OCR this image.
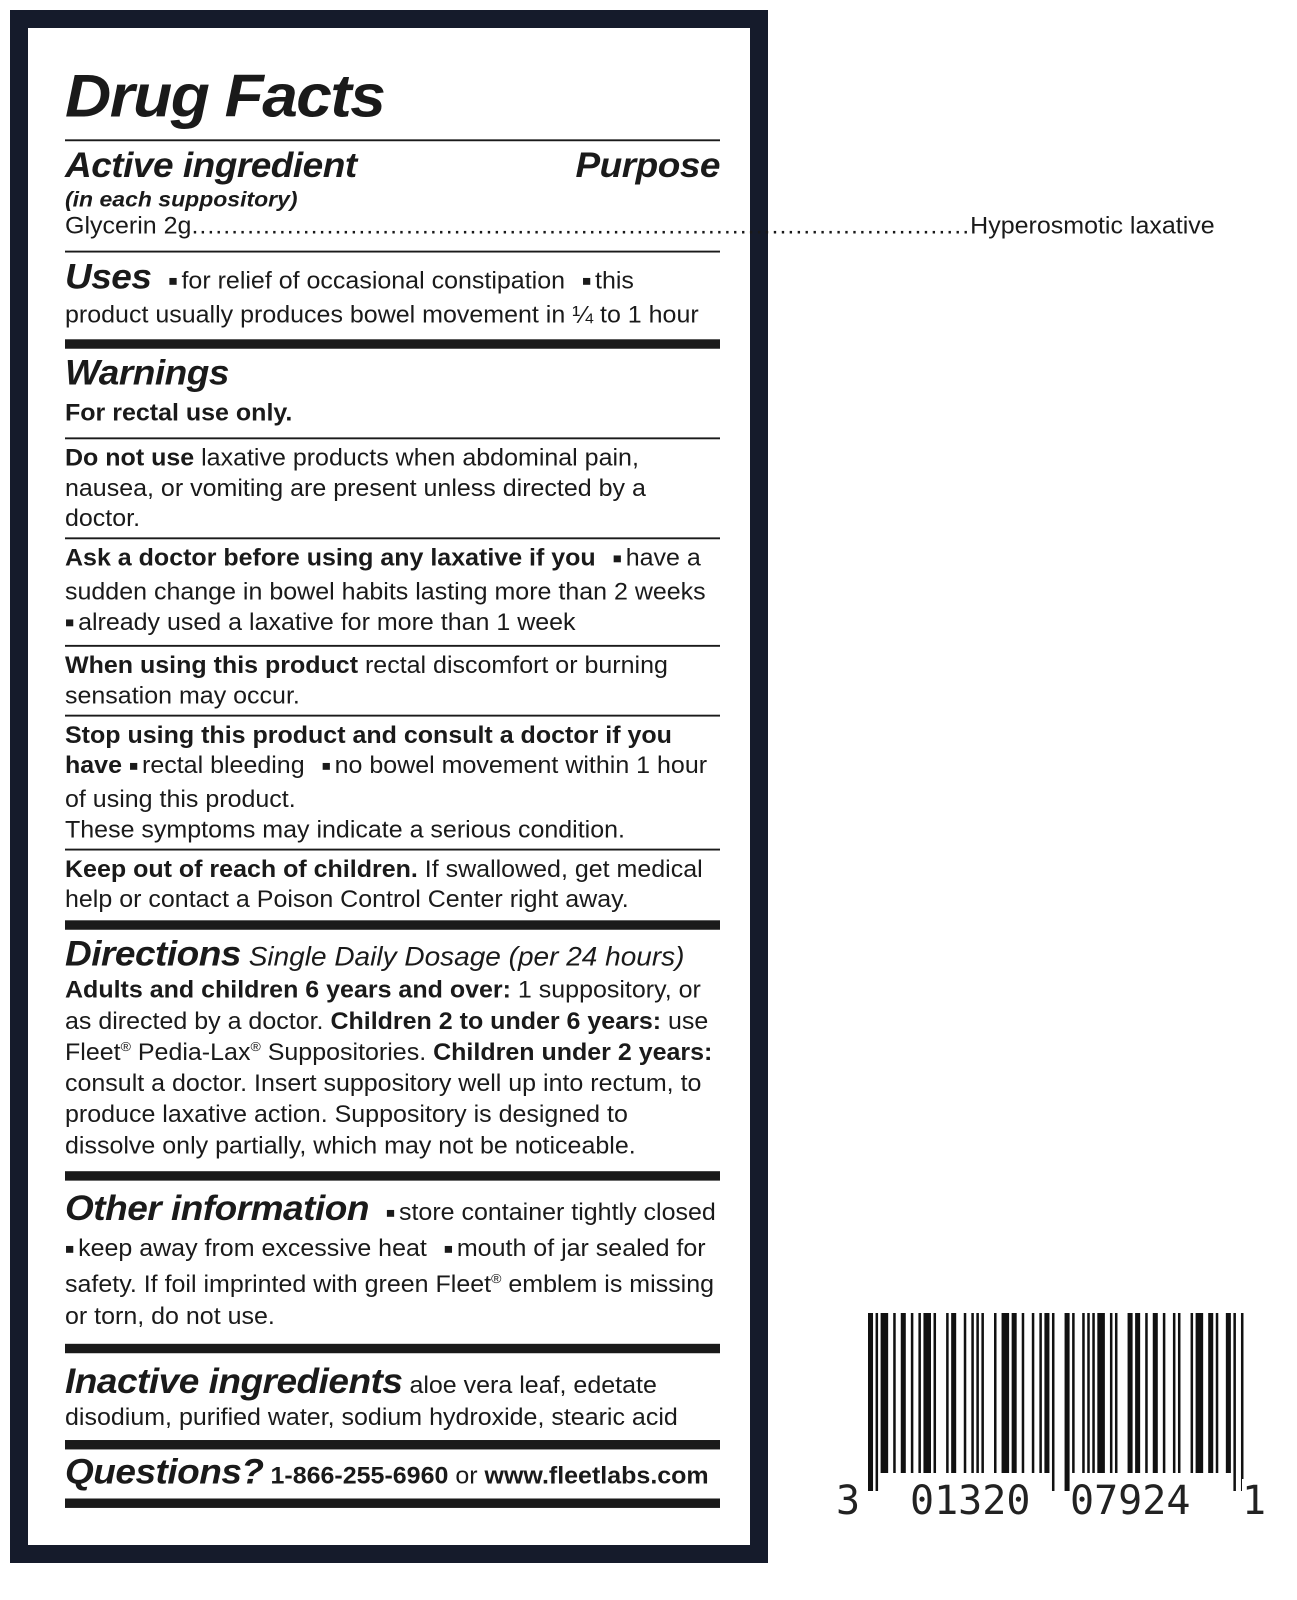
Drug Facts
Active ingredient	Purpose
(in each suppository)
Glycerin 2g .................................................................................................. Hyperosmotic laxative
Uses ■ for relief of occasional constipation ■ this product usually produces bowel movement in ¼ to 1 hour
Warnings
For rectal use only.
Do not use laxative products when abdominal pain, nausea, or vomiting are present unless directed by a doctor.
Ask a doctor before using any laxative if you ■ have a sudden change in bowel habits lasting more than 2 weeks ■ already used a laxative for more than 1 week
When using this product rectal discomfort or burning sensation may occur.
Stop using this product and consult a doctor if you have ■ rectal bleeding ■ no bowel movement within 1 hour of using this product.
These symptoms may indicate a serious condition.
Keep out of reach of children. If swallowed, get medical help or contact a Poison Control Center right away.
Directions Single Daily Dosage (per 24 hours)
Adults and children 6 years and over: 1 suppository, or as directed by a doctor. Children 2 to under 6 years: use Fleet® Pedia-Lax® Suppositories. Children under 2 years: consult a doctor. Insert suppository well up into rectum, to produce laxative action. Suppository is designed to dissolve only partially, which may not be noticeable.
Other information ■ store container tightly closed ■ keep away from excessive heat ■ mouth of jar sealed for safety. If foil imprinted with green Fleet® emblem is missing or torn, do not use.
Inactive ingredients aloe vera leaf, edetate disodium, purified water, sodium hydroxide, stearic acid
Questions? 1-866-255-6960 or www.fleetlabs.com
3 01320 07924 1
